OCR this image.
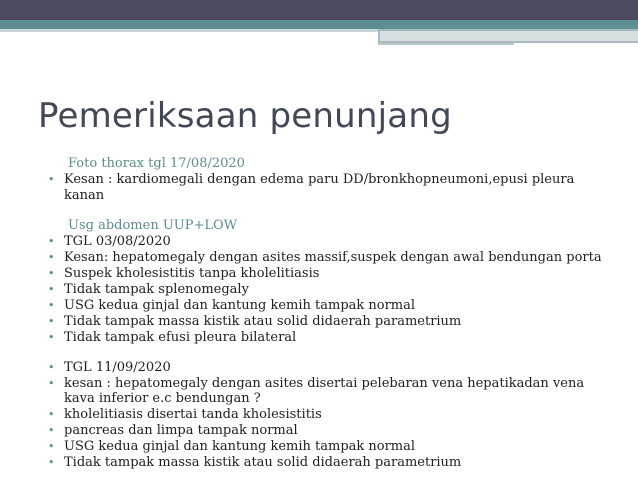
Pemeriksaan penunjang
Foto thorax tgl 17/08/2020
• Kesan : kardiomegali dengan edema paru DD/bronkhopneumoni,epusi pleura kanan
Usg abdomen UUP+LOW
• TGL 03/08/2020
• Kesan: hepatomegaly dengan asites massif,suspek dengan awal bendungan porta
• Suspek kholesistitis tanpa kholelitiasis
• Tidak tampak splenomegaly
• USG kedua ginjal dan kantung kemih tampak normal
• Tidak tampak massa kistik atau solid didaerah parametrium
• Tidak tampak efusi pleura bilateral
• TGL 11/09/2020
• kesan : hepatomegaly dengan asites disertai pelebaran vena hepatikadan vena kava inferior e.c bendungan ?
• kholelitiasis disertai tanda kholesistitis
• pancreas dan limpa tampak normal
• USG kedua ginjal dan kantung kemih tampak normal
• Tidak tampak massa kistik atau solid didaerah parametrium
